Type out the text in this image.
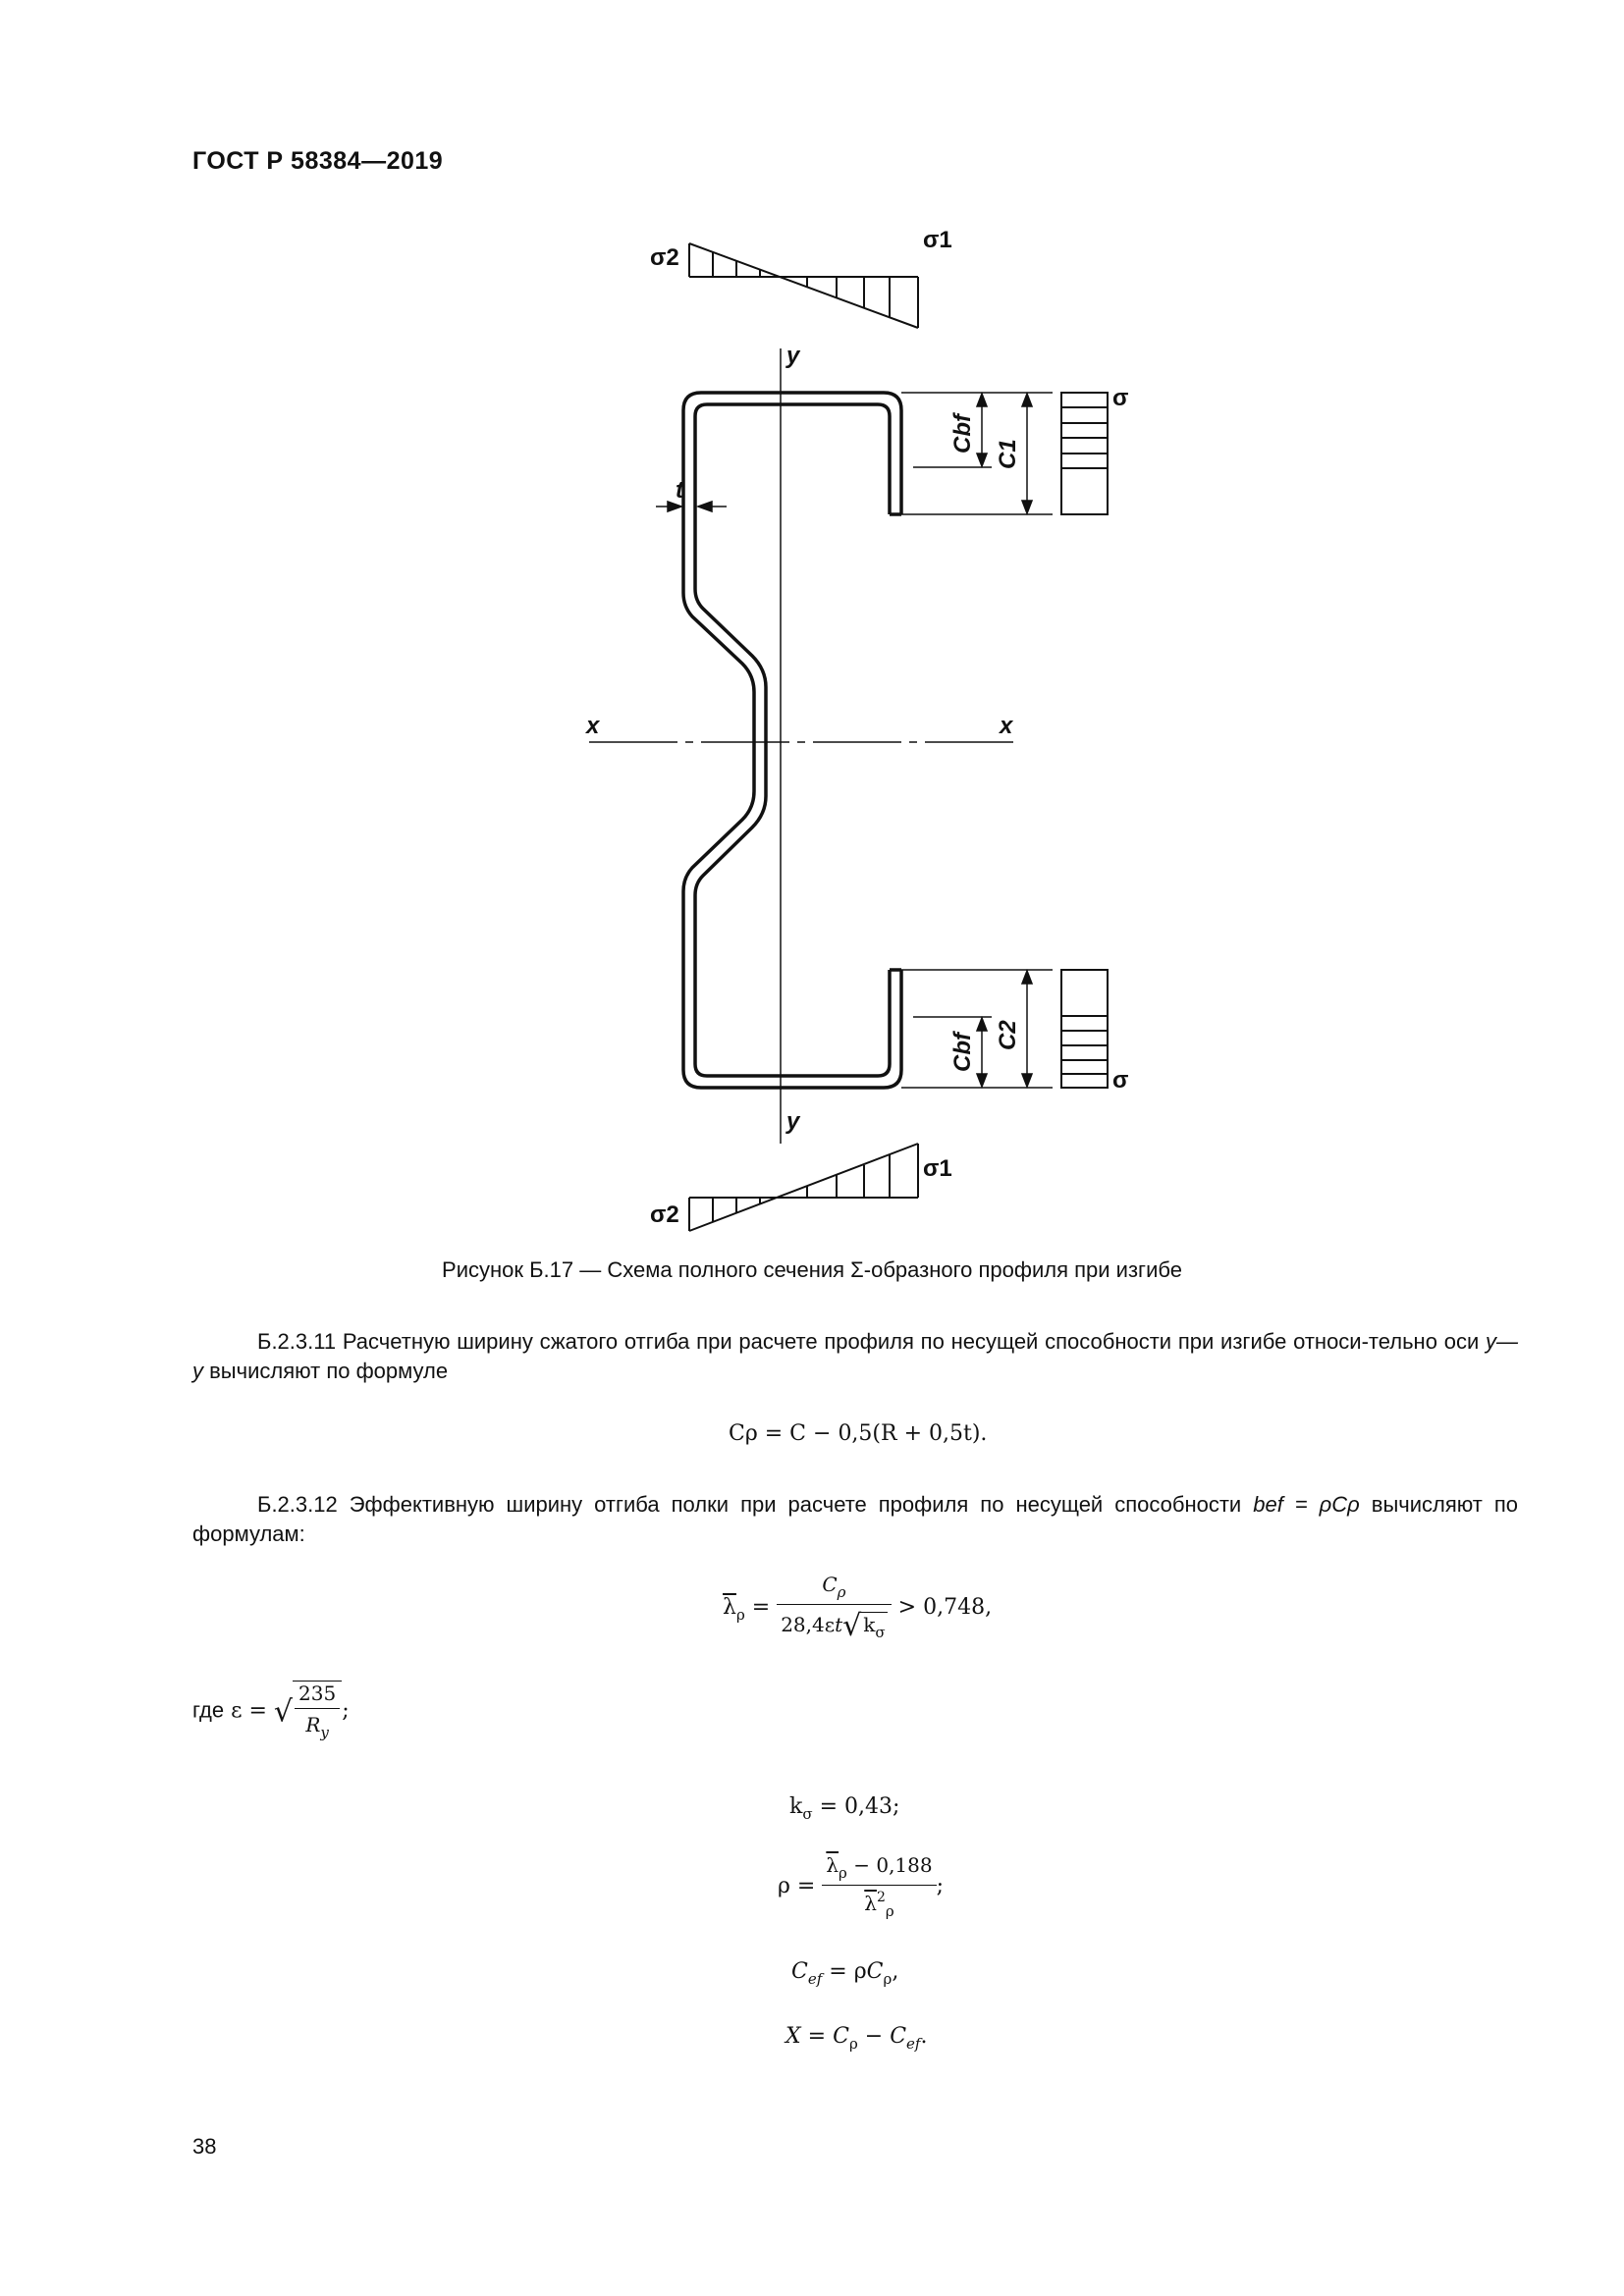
ГОСТ Р 58384—2019
σ2
σ1
y
σ
t
x	x
σ
y
σ1
σ2
Cbf
C1
Cbf C2
Рисунок Б.17 — Схема полного сечения Σ-образного профиля при изгибе
Б.2.3.11 Расчетную ширину сжатого отгиба при расчете профиля по несущей способности при изгибе относи-тельно оси y—y вычисляют по формуле
Cρ = C − 0,5(R + 0,5t).
Б.2.3.12 Эффективную ширину отгиба полки при расчете профиля по несущей способности bef = ρCρ вычисляют по формулам:
$\overline{\lambda}_\rho = \frac{C_\rho}{28,4\varepsilon t√ k_\sigma} > 0,748$,
где ε = √ $\frac{235}{R_y}$ ;
$k_\sigma = 0,43$;
$\rho = \frac{\overline{\lambda}_\rho - 0,188}{\overline{\lambda}^2_\rho}$ ;
$C_{ef} = \rho C_\rho$,
$X = C_\rho - C_{ef}$.
38
